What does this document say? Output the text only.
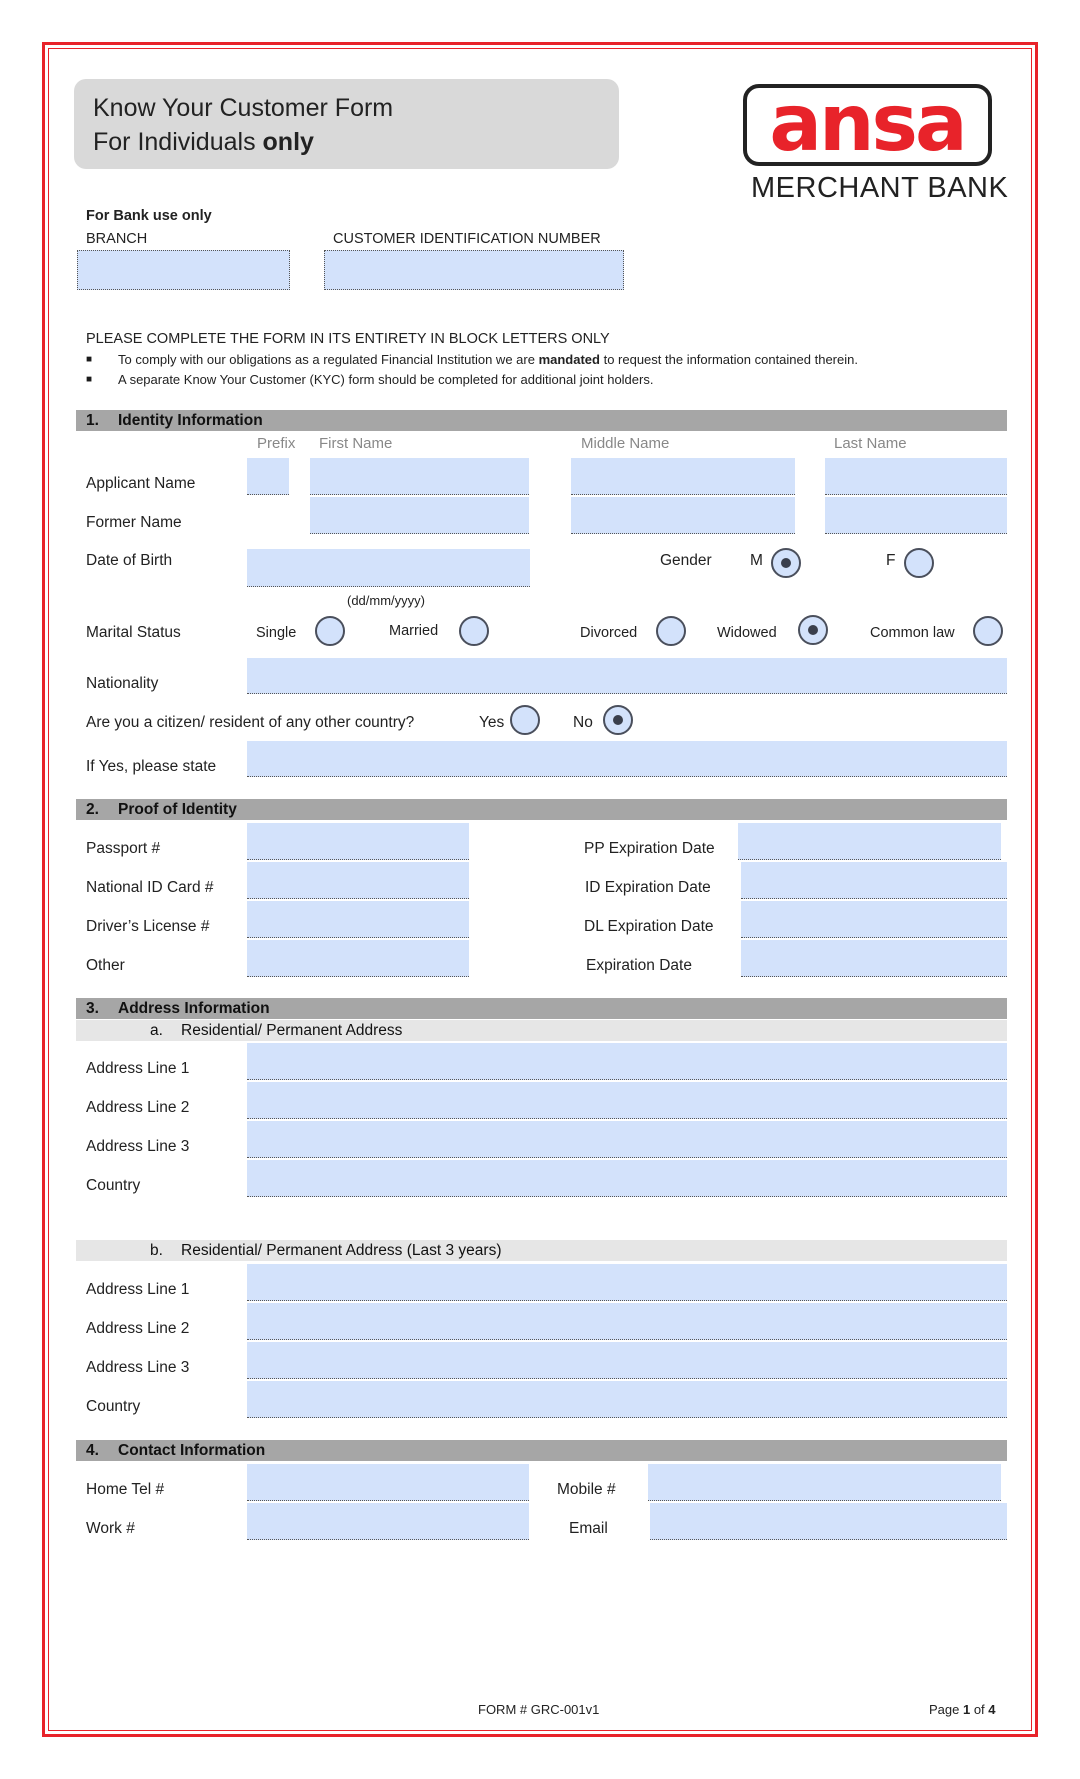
Know Your Customer Form
For Individuals only	ansa
MERCHANT BANK
For Bank use only
BRANCH	CUSTOMER IDENTIFICATION NUMBER
PLEASE COMPLETE THE FORM IN ITS ENTIRETY IN BLOCK LETTERS ONLY
■ To comply with our obligations as a regulated Financial Institution we are mandated to request the information contained therein.
■ A separate Know Your Customer (KYC) form should be completed for additional joint holders.
1. Identity Information
Prefix First Name	Middle Name	Last Name
Applicant Name
Former Name
Date of Birth
(dd/mm/yyyy)
Gender M	F
Marital Status	Single	Married	Divorced	Widowed	Common law
Nationality
Are you a citizen/ resident of any other country?	Yes	No
If Yes, please state
2. Proof of Identity
Passport #	PP Expiration Date
National ID Card #	ID Expiration Date
Driver’s License #	DL Expiration Date
Other	Expiration Date
3. Address Information
a. Residential/ Permanent Address
Address Line 1
Address Line 2
Address Line 3
Country
b. Residential/ Permanent Address (Last 3 years)
Address Line 1
Address Line 2
Address Line 3
Country
4. Contact Information
Home Tel #	Mobile #
Work #	Email
FORM # GRC-001v1	Page 1 of 4
